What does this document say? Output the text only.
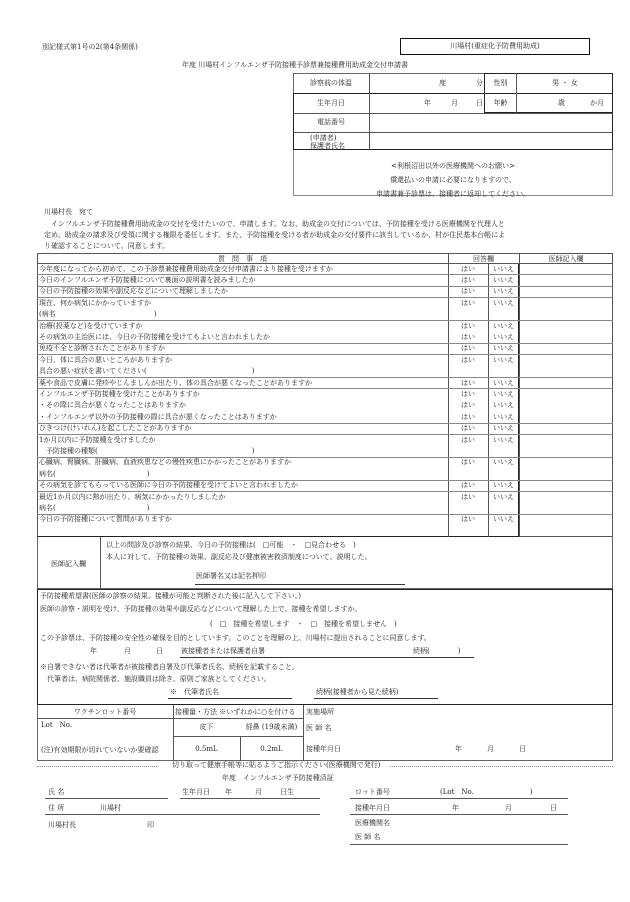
別記様式第1号の2(第4条関係)	川場村(重症化予防費用助成)
年度 川場村インフルエンザ予防接種予診票兼接種費用助成金交付申請書
診察前の体温	度	分	性別	男 ・ 女
生年月日	年	月	日	年齢	歳	か月
電話番号
(申請者)
保護者氏名
<利根沼田以外の医療機関へのお願い>
償還払いの申請に必要になりますので、
申請書兼予診票は、接種者に返却してください。
川場村長　宛て
　インフルエンザ予防接種費用助成金の交付を受けたいので、申請します。なお、助成金の交付については、予防接種を受ける医療機関を代理人と
定め、助成金の請求及び受領に関する権限を委任します。また、予防接種を受ける者が助成金の交付要件に該当しているか、村が住民基本台帳によ
り確認することについて、同意します。
質　問　事　項	回答欄	医師記入欄
今年度になってから初めて、この予診票兼接種費用助成金交付申請書により接種を受けますか	はい	いいえ
今日のインフルエンザ予防接種について裏面の説明書を読みましたか	はい	いいえ
今日の予防接種の効果や副反応などについて理解しましたか	はい	いいえ
現在、何か病気にかかっていますか	はい	いいえ
(病名　　　　　　　　　　　　　　)
治療(投薬など)を受けていますか	はい	いいえ
その病気の主治医には、今日の予防接種を受けてもよいと言われましたか	はい	いいえ
免疫不全と診断されたことがありますか	はい	いいえ
今日、体に具合の悪いところがありますか	はい	いいえ
具合の悪い症状を書いてください(　　　　　　　　　　　　　　　)
薬や食品で皮膚に発疹やじんましんが出たり、体の具合が悪くなったことがありますか	はい	いいえ
インフルエンザ予防接種を受けたことがありますか	はい	いいえ
・その際に具合が悪くなったことはありますか	はい	いいえ
・インフルエンザ以外の予防接種の際に具合が悪くなったことはありますか	はい	いいえ
ひきつけ(けいれん)を起こしたことがありますか	はい	いいえ
1か月以内に予防接種を受けましたか	はい	いいえ
　予防接種の種類(　　　　　　　　　　　　　　　　　　　　　　)
心臓病、腎臓病、肝臓病、血液疾患などの慢性疾患にかかったことがありますか	はい	いいえ
病名(　　　　　　　　　　　　　)
その病気を診てもらっている医師に今日の予防接種を受けてよいと言われましたか	はい	いいえ
最近1か月以内に熱が出たり、病気にかかったりしましたか	はい	いいえ
病名(　　　　　　　　　　　　　)
今日の予防接種について質問がありますか	はい	いいえ
医師記入欄
以上の問診及び診察の結果、今日の予防接種は(　□可能　・　□見合わせる　)
本人に対して、予防接種の効果、副反応及び健康被害救済制度について、説明した。
医師署名又は記名押印
予防接種希望書(医師の診察の結果、接種が可能と判断された後に記入して下さい。)
医師の診察・説明を受け、予防接種の効果や副反応などについて理解した上で、接種を希望しますか。
(　□　接種を希望します　・　□　接種を希望しません　)
この予診票は、予防接種の安全性の確保を目的としています。このことを理解の上、川場村に提出されることに同意します。
年	月	日	被接種者または保護者自署	続柄(　　　　)
※自署できない者は代筆者が被接種者自署及び代筆者氏名、続柄を記載すること。
　代筆者は、病院関係者、施設職員は除き、原則ご家族としてください。
※　代筆者氏名	続柄(接種者から見た続柄)
ワクチンロット番号
Lot　No.
(注)有効期限が切れていないか要確認
接種量・方法 ※いずれかに○を付ける
皮下	経鼻 (19歳未満)
0.5mL	0.2mL
実施場所
医 師 名
接種年月日	年	月	日
切り取って健康手帳等に貼るようご指示ください(医療機関で発行)
年度　インフルエンザ予防接種済証
氏 名	生年月日 年	月	日生
住 所	川場村
川場村長	印
ロット番号	(Lot　No.　　　　　　　　)
接種年月日	年	月	日
医療機関名
医 師 名
